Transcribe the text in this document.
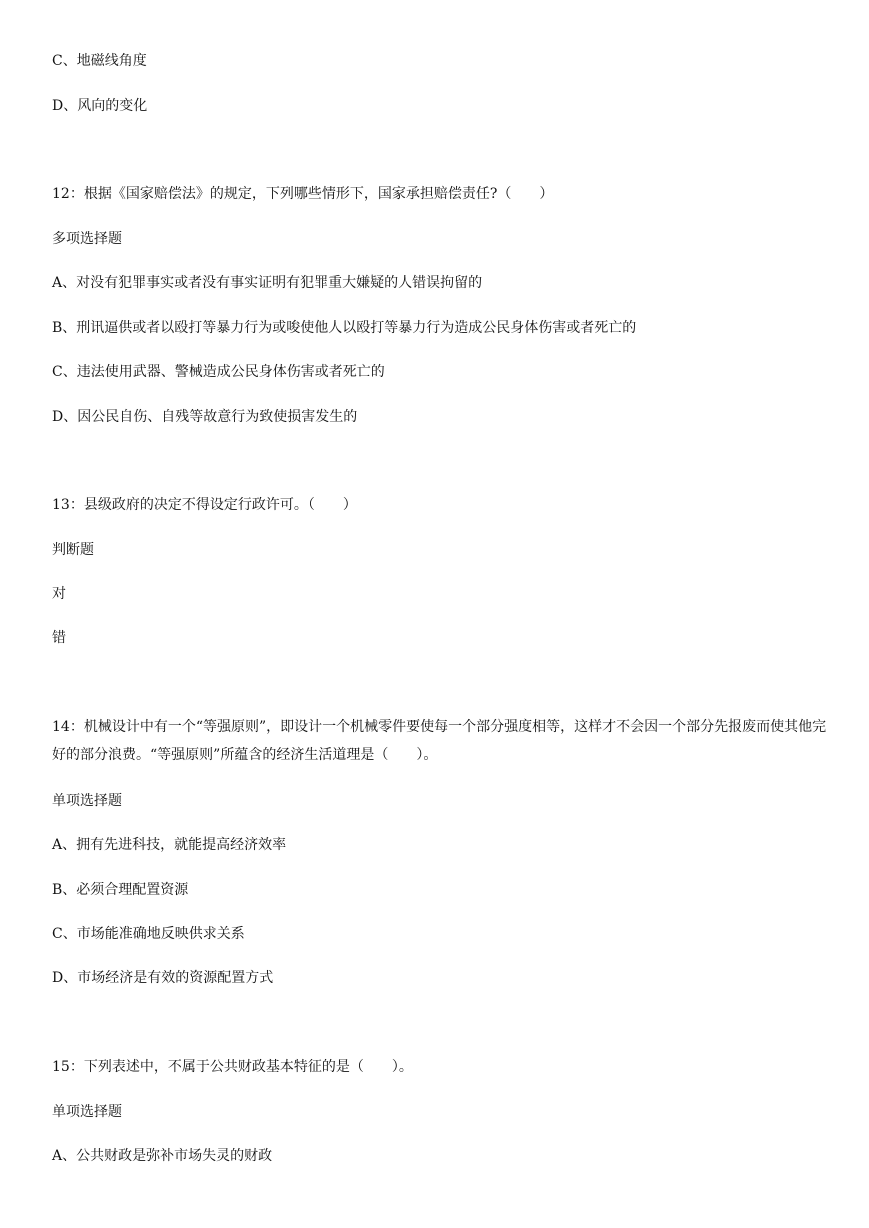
C、地磁线角度

D、风向的变化

12：根据《国家赔偿法》的规定，下列哪些情形下，国家承担赔偿责任?（　　）

多项选择题

A、对没有犯罪事实或者没有事实证明有犯罪重大嫌疑的人错误拘留的

B、刑讯逼供或者以殴打等暴力行为或唆使他人以殴打等暴力行为造成公民身体伤害或者死亡的

C、违法使用武器、警械造成公民身体伤害或者死亡的

D、因公民自伤、自残等故意行为致使损害发生的

13：县级政府的决定不得设定行政许可。（　　）

判断题

对

错

14：机械设计中有一个“等强原则”，即设计一个机械零件要使每一个部分强度相等，这样才不会因一个部分先报废而使其他完好的部分浪费。“等强原则”所蕴含的经济生活道理是（　　）。

单项选择题

A、拥有先进科技，就能提高经济效率

B、必须合理配置资源

C、市场能准确地反映供求关系

D、市场经济是有效的资源配置方式

15：下列表述中，不属于公共财政基本特征的是（　　）。

单项选择题

A、公共财政是弥补市场失灵的财政
